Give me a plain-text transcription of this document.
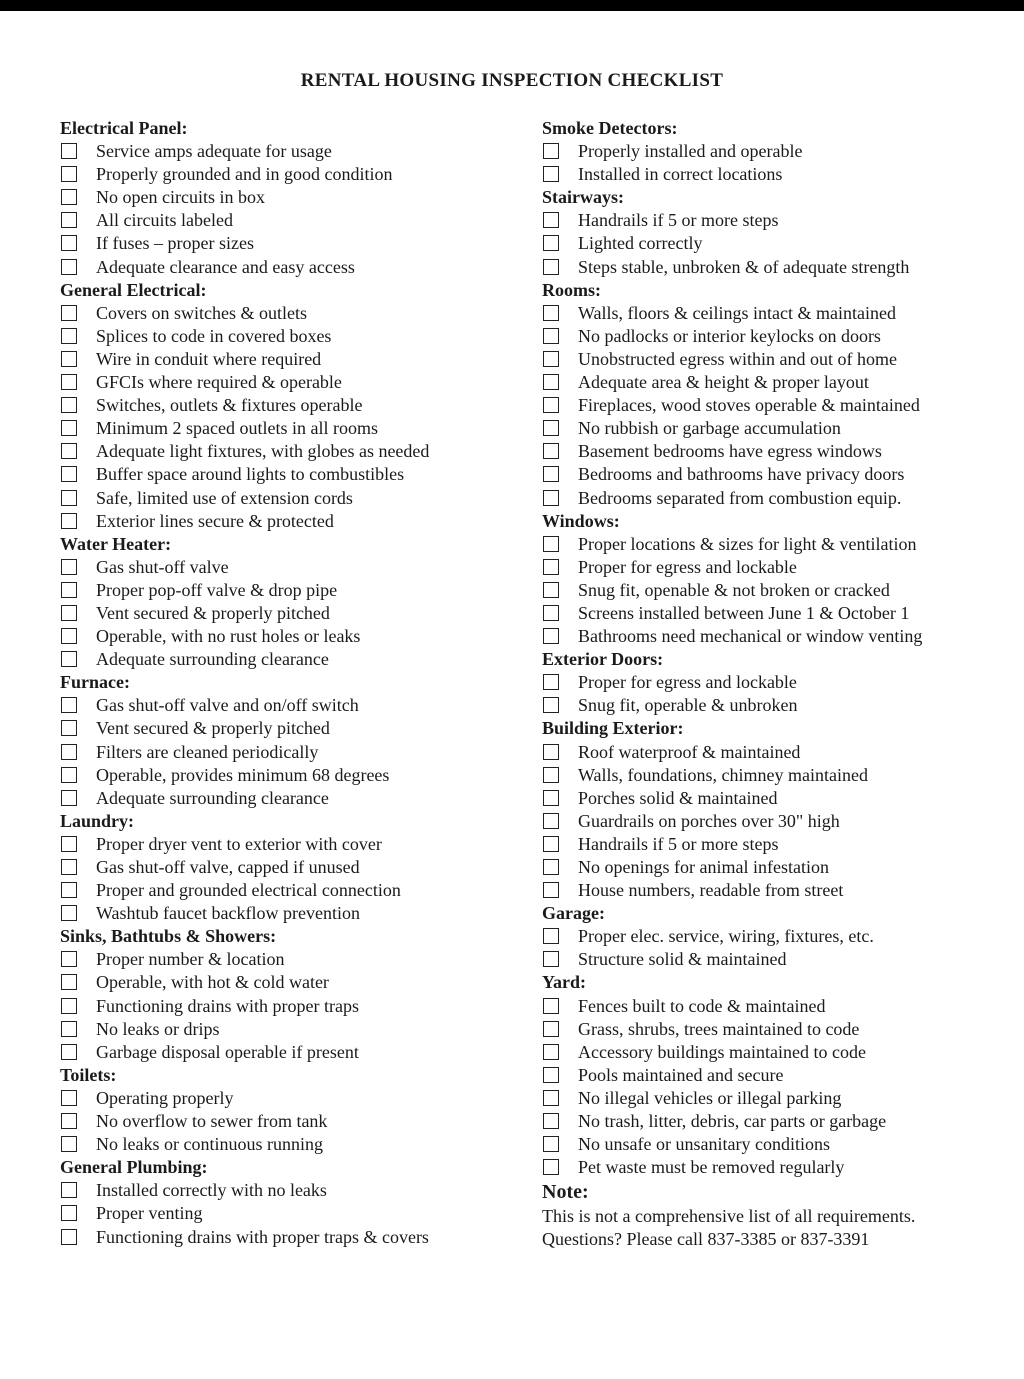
RENTAL HOUSING INSPECTION CHECKLIST
Electrical Panel:
Service amps adequate for usage
Properly grounded and in good condition
No open circuits in box
All circuits labeled
If fuses – proper sizes
Adequate clearance and easy access
General Electrical:
Covers on switches & outlets
Splices to code in covered boxes
Wire in conduit where required
GFCIs where required & operable
Switches, outlets & fixtures operable
Minimum 2 spaced outlets in all rooms
Adequate light fixtures, with globes as needed
Buffer space around lights to combustibles
Safe, limited use of extension cords
Exterior lines secure & protected
Water Heater:
Gas shut-off valve
Proper pop-off valve & drop pipe
Vent secured & properly pitched
Operable, with no rust holes or leaks
Adequate surrounding clearance
Furnace:
Gas shut-off valve and on/off switch
Vent secured & properly pitched
Filters are cleaned periodically
Operable, provides minimum 68 degrees
Adequate surrounding clearance
Laundry:
Proper dryer vent to exterior with cover
Gas shut-off valve, capped if unused
Proper and grounded electrical connection
Washtub faucet backflow prevention
Sinks, Bathtubs & Showers:
Proper number & location
Operable, with hot & cold water
Functioning drains with proper traps
No leaks or drips
Garbage disposal operable if present
Toilets:
Operating properly
No overflow to sewer from tank
No leaks or continuous running
General Plumbing:
Installed correctly with no leaks
Proper venting
Functioning drains with proper traps & covers
Smoke Detectors:
Properly installed and operable
Installed in correct locations
Stairways:
Handrails if 5 or more steps
Lighted correctly
Steps stable, unbroken & of adequate strength
Rooms:
Walls, floors & ceilings intact & maintained
No padlocks or interior keylocks on doors
Unobstructed egress within and out of home
Adequate area & height & proper layout
Fireplaces, wood stoves operable & maintained
No rubbish or garbage accumulation
Basement bedrooms have egress windows
Bedrooms and bathrooms have privacy doors
Bedrooms separated from combustion equip.
Windows:
Proper locations & sizes for light & ventilation
Proper for egress and lockable
Snug fit, openable & not broken or cracked
Screens installed between June 1 & October 1
Bathrooms need mechanical or window venting
Exterior Doors:
Proper for egress and lockable
Snug fit, operable & unbroken
Building Exterior:
Roof waterproof & maintained
Walls, foundations, chimney maintained
Porches solid & maintained
Guardrails on porches over 30" high
Handrails if 5 or more steps
No openings for animal infestation
House numbers, readable from street
Garage:
Proper elec. service, wiring, fixtures, etc.
Structure solid & maintained
Yard:
Fences built to code & maintained
Grass, shrubs, trees maintained to code
Accessory buildings maintained to code
Pools maintained and secure
No illegal vehicles or illegal parking
No trash, litter, debris, car parts or garbage
No unsafe or unsanitary conditions
Pet waste must be removed regularly
Note:
This is not a comprehensive list of all requirements.
Questions? Please call 837-3385 or 837-3391
